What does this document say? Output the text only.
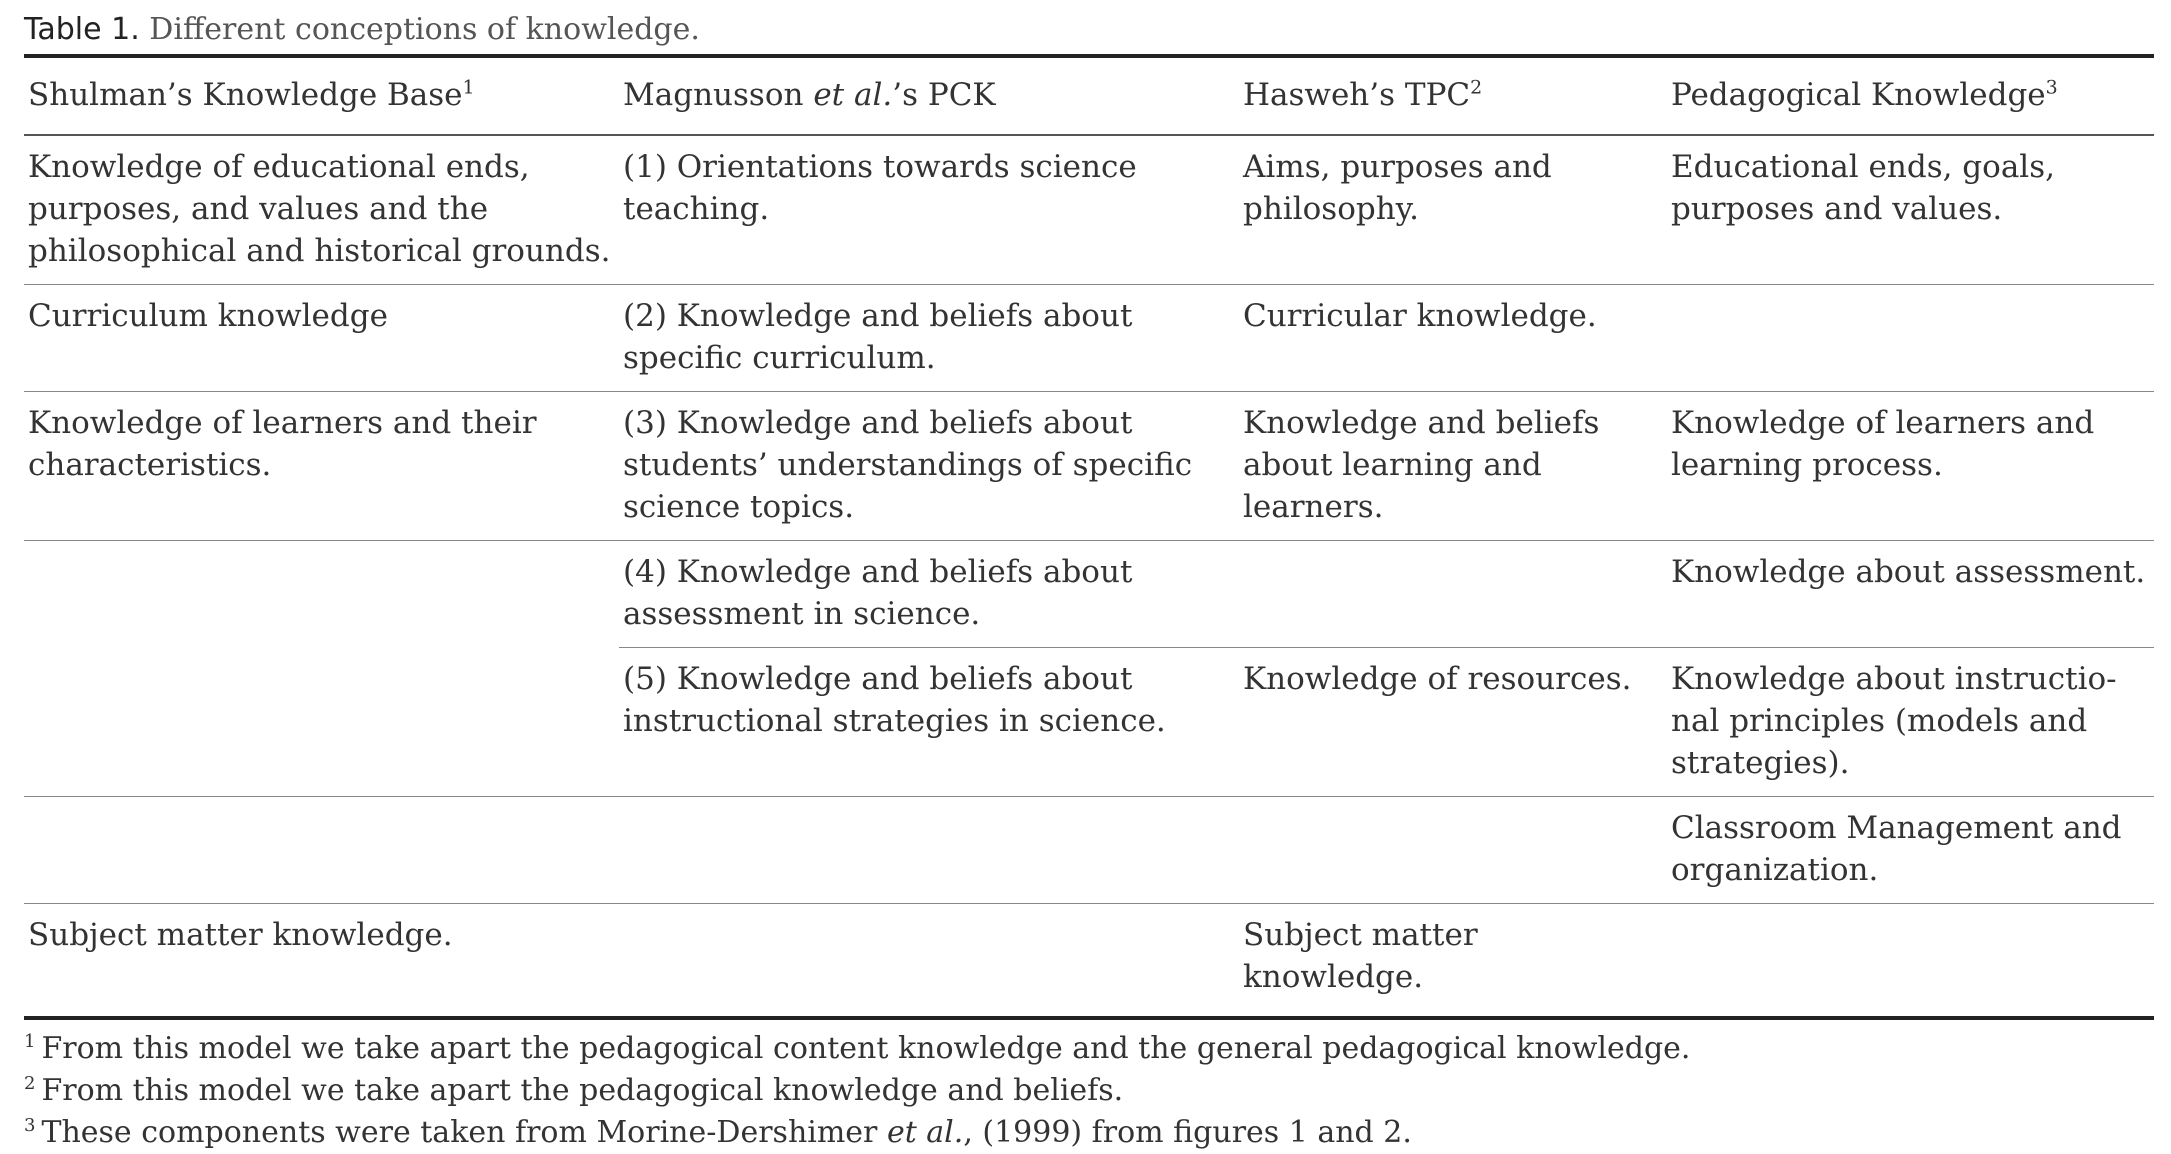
Table 1. Different conceptions of knowledge.
Shulman’s Knowledge Base$^1$	Magnusson et al.’s PCK	Hasweh’s TPC$^2$	Pedagogical Knowledge$^3$
Knowledge of educational ends, purposes, and values and the philosophical and historical grounds.	(1) Orientations towards science teaching.	Aims, purposes and philosophy.	Educational ends, goals, purposes and values.
Curriculum knowledge	(2) Knowledge and beliefs about specific curriculum.	Curricular knowledge.	
Knowledge of learners and their characteristics.	(3) Knowledge and beliefs about students’ understandings of specific science topics.	Knowledge and beliefs about learning and learners.	Knowledge of learners and learning process.
	(4) Knowledge and beliefs about assessment in science.		Knowledge about assessment.
	(5) Knowledge and beliefs about instructional strategies in science.	Knowledge of resources.	Knowledge about instructio-nal principles (models and strategies).
			Classroom Management and organization.
Subject matter knowledge.		Subject matter knowledge.	
$^1$ From this model we take apart the pedagogical content knowledge and the general pedagogical knowledge.
$^2$ From this model we take apart the pedagogical knowledge and beliefs.
$^3$ These components were taken from Morine-Dershimer et al., (1999) from figures 1 and 2.
